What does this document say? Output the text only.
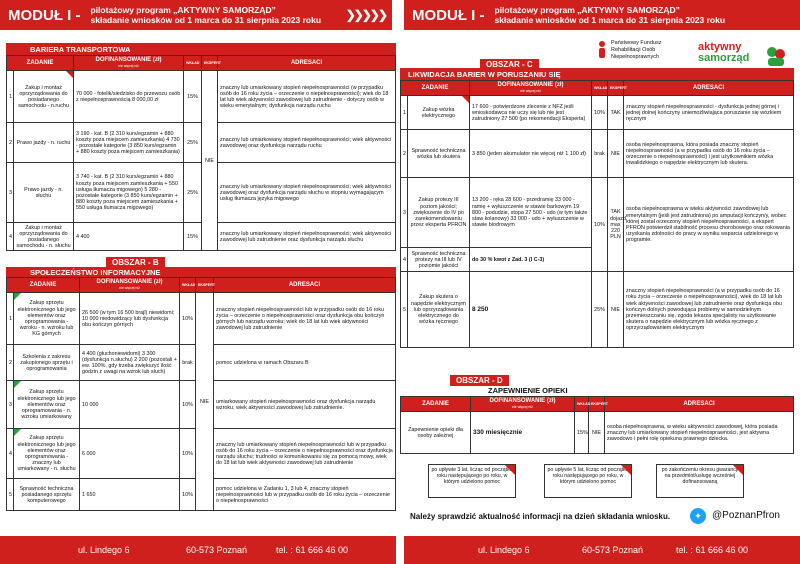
MODUŁ I - pilotażowy program „AKTYWNY SAMORZĄD”
składanie wniosków od 1 marca do 31 sierpnia 2023 roku ❯❯❯❯❯ MODUŁ I - pilotażowy program „AKTYWNY SAMORZĄD”
składanie wniosków od 1 marca do 31 sierpnia 2023 roku
Państwowy Fundusz Rehabilitacji Osób Niepełnosprawnych
aktywny
samorząd
BARIERA TRANSPORTOWA
ZADANIE		DOFINANSOWANIE (zł)
nie więcej niż	WKŁAD	EKSPERT	ADRESACI
1	Zakup i montaż oprzyrządowania do posiadanego samochodu - n.ruchu	70 000 - fotelik/siedzisko do przewozu osób z niepełnosprawnością 8 000,00 zł	15%	NIE	znaczny lub umiarkowany stopień niepełnosprawności (w przypadku osób do 16 roku życia – orzeczenie o niepełnosprawności); wiek do 18 lat lub wiek aktywności zawodowej lub zatrudnienie - dotyczy osób w wieku emerytalnym; dysfunkcja narządu ruchu
2	Prawo jazdy - n. ruchu	3 190 - kat. B (2 310 kurs/egzamin + 880 koszty poza miejscem zamieszkania) 4 730 - pozostałe kategorie (3 850 kurs/egzamin + 880 koszty poza miejscem zamieszkania)	25%		znaczny lub umiarkowany stopień niepełnosprawności; wiek aktywności zawodowej oraz dysfunkcja narządu ruchu
3	Prawo jazdy - n. słuchu	3 740 - kat. B (2 310 kurs/egzamin + 880 koszty poza miejscem zamieszkania + 550 usługa tłumacza migowego) 5 280 - pozostałe kategorie (3 850 kurs/egzamin + 880 koszty poza miejscem zamieszkania + 550 usługa tłumacza migowego)	25%		znaczny lub umiarkowany stopień niepełnosprawności; wiek aktywności zawodowej oraz dysfunkcja narządu słuchu w stopniu wymagającym usług tłumacza języka migowego
4	Zakup i montaż oprzyrządowania do posiadanego samochodu - n. słuchu	4 400	15%		znaczny lub umiarkowany stopień niepełnosprawności; wiek aktywności zawodowej lub zatrudnienie oraz dysfunkcja narządu słuchu
OBSZAR - B
SPOŁECZEŃSTWO INFORMACYJNE
ZADANIE		DOFINANSOWANIE (zł)
nie więcej niż	WKŁAD	EKSPERT	ADRESACI
1	Zakup sprzętu elektronicznego lub jego elementów oraz oprogramowania - wzroku - n. wzroku lub KG górnych	26 500 (w tym 16 500 brajl) niewidomi; 10 000 niedowidzący lub dysfunkcja obu kończyn górnych	10%	NIE	znaczny stopień niepełnosprawności lub w przypadku osób do 16 roku życia – orzeczenie o niepełnosprawności oraz dysfunkcja obu kończyn górnych lub narządu wzroku; wiek do 18 lat lub wiek aktywności zawodowej lub zatrudnienie
2	Szkolenia z zakresu zakupionego sprzętu i oprogramowania	4 400 (głuchoniewidomi) 3 300 (dysfunkcja n.słuchu) 2 200 (pozostali + ew. 100%, gdy trzeba zwiększyć ilość godzin z uwagi na wzrok lub słuch)	brak		pomoc udzielona w ramach Obszaru B
3	Zakup sprzętu elektronicznego lub jego elementów oraz oprogramowania - n. wzroku umiarkowany	10 000	10%		umiarkowany stopień niepełnosprawności oraz dysfunkcja narządu wzroku; wiek aktywności zawodowej lub zatrudnienie.
4	Zakup sprzętu elektronicznego lub jego elementów oraz oprogramowania - znaczny lub umiarkowany - n. słuchu	6 000	10%		znaczny lub umiarkowany stopień niepełnosprawności lub w przypadku osób do 16 roku życia – orzeczenie o niepełnosprawności oraz dysfunkcja narządu słuchu; trudności w komunikowaniu się za pomocą mowy, wiek do 18 lat lub wiek aktywności zawodowej lub zatrudnienie
5	Sprawność techniczna posiadanego sprzętu komputerowego	1 650	10%		pomoc udzielona w Zadaniu 1, 3 lub 4, znaczny stopień niepełnosprawności lub w przypadku osób do 16 roku życia – orzeczenie o niepełnosprawności
OBSZAR - C
LIKWIDACJA BARIER W PORUSZANIU SIĘ
ZADANIE		DOFINANSOWANIE (zł)
nie więcej niż	WKŁAD	EKSPERT	ADRESACI
1	Zakup wózka elektrycznego	17 600 - potwierdzone zlecenie z NFZ jeśli wnioskodawca nie uczy się lub nie jest zatrudniony 27 500 (po rekomendacji Eksperta)	10%	TAK	znaczny stopień niepełnosprawności - dysfunkcja jednej górnej i jednej dolnej kończyny uniemożliwiająca poruszanie się wózkiem ręcznym
2	Sprawność techniczna wózka lub skutera	3 850 (jeden akumulator nie więcej niż 1 100 zł)	brak	NIE	osoba niepełnosprawna, która posiada znaczny stopień niepełnosprawności (a w przypadku osób do 16 roku życia – orzeczenie o niepełnosprawności) i jest użytkownikiem wózka inwalidzkiego o napędzie elektrycznym lub skutera.
3	Zakup protezy III poziom jakości; zwiększenie do IV po zarekomendowaniu przez eksperta PFRON	13 200 - ręka 28 600 - przedramię 33 000 - ramię + wyłuszczenie w stawie barkowym 19 800 - podudzie, stopa 27 500 - udo (w tym także staw kolanowy) 33 000 - udo + wyłuszczenie w stawie biodrowym	10%	TAK dojazd max 220 PLN	osoba niepełnosprawna w wieku aktywności zawodowej lub emerytalnym (jeśli jest zatrudniona) po amputacji kończyn/y, wobec której został orzeczony stopień niepełnosprawności, a ekspert PFRON potwierdził stabilność procesu chorobowego oraz rokowania uzyskania zdolności do pracy w wyniku wsparcia udzielonego w programie.
4	Sprawność techniczna protezy na III lub IV poziomie jakości	do 30 % kwot z Zad. 3 (I C-3)			
5	Zakup skutera o napędzie elektrycznym lub oprzyrządowania elektrycznego do wózka ręcznego	8 250	25%	NIE	znaczny stopień niepełnosprawności (a w przypadku osób do 16 roku życia – orzeczenie o niepełnosprawności), wiek do 18 lat lub wiek aktywności zawodowej lub zatrudnienie oraz dysfunkcja obu kończyn dolnych powodująca problemy w samodzielnym przemieszczaniu się, zgoda lekarza specjalisty na użytkowanie skutera o napędzie elektrycznym lub wózka ręcznego z oprzyrządowaniem elektrycznym
OBSZAR - D
ZAPEWNIENIE OPIEKI
ZADANIE	DOFINANSOWANIE (zł)
nie więcej niż	WKŁAD	EKSPERT	ADRESACI
Zapewnienie opieki dla osoby zależnej	330 miesięcznie	15%	NIE	osoba niepełnosprawna, w wieku aktywności zawodowej, która posiada znaczny lub umiarkowany stopień niepełnosprawności, jest aktywna zawodowo i pełni rolę opiekuna prawnego dziecka.
po upływie 3 lat, licząc od początku roku następującego po roku, w którym udzielono pomoc
po upływie 5 lat, licząc od początku roku następującego po roku, w którym udzielono pomoc
po zakończeniu okresu gwarancji na przedmiot/usługę wcześniej dofinansowaną
Należy sprawdzić aktualność informacji na dzień składania wniosku.	✦	@PoznanPfron
ul. Lindego 6	60-573 Poznań	tel. : 61 666 46 00	ul. Lindego 6	60-573 Poznań	tel. : 61 666 46 00
